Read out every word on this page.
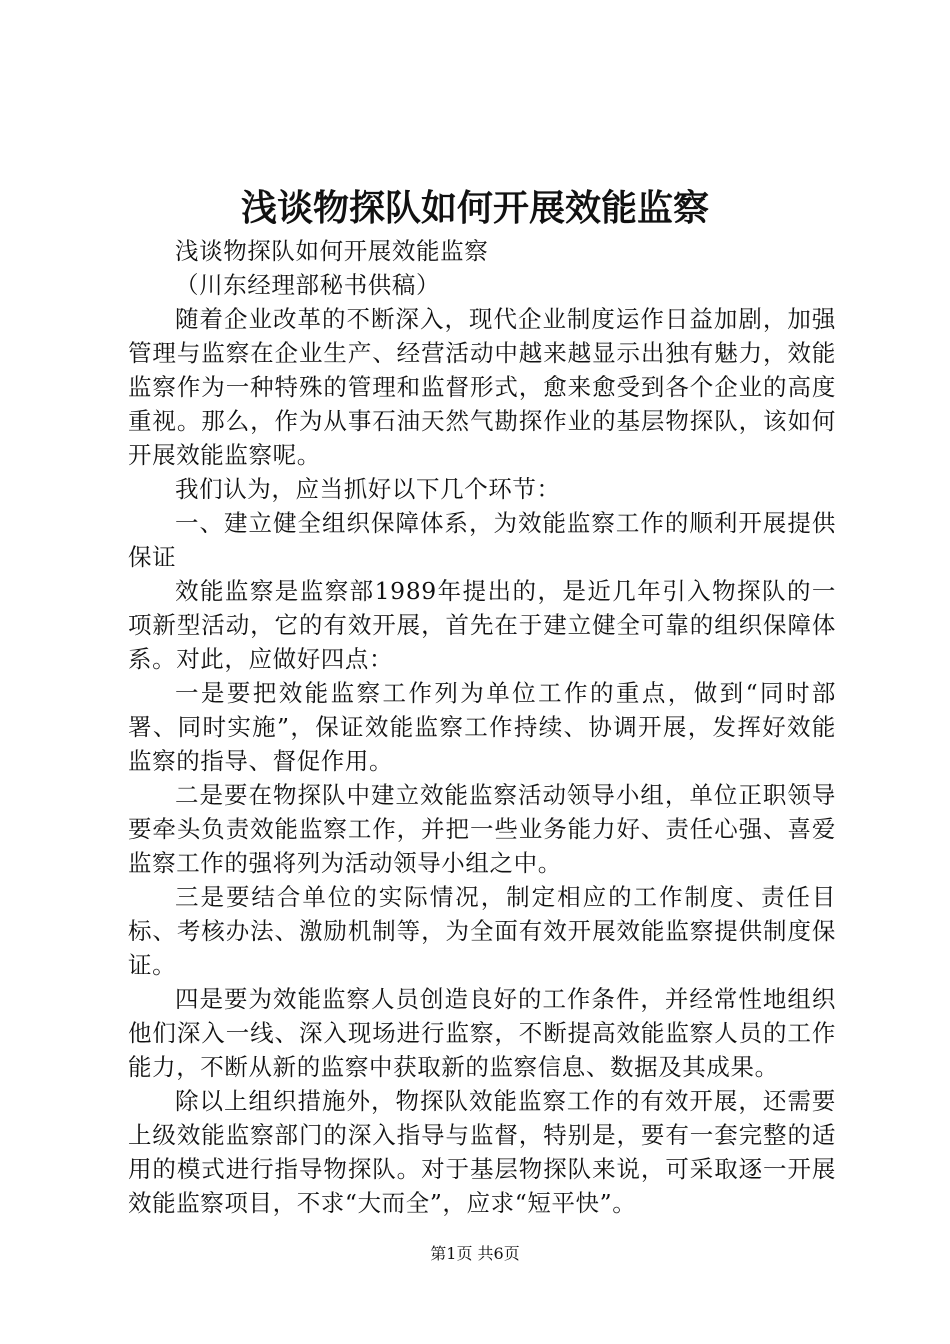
浅谈物探队如何开展效能监察

浅谈物探队如何开展效能监察

（川东经理部秘书供稿）

随着企业改革的不断深入，现代企业制度运作日益加剧，加强管理与监察在企业生产、经营活动中越来越显示出独有魅力，效能监察作为一种特殊的管理和监督形式，愈来愈受到各个企业的高度重视。那么，作为从事石油天然气勘探作业的基层物探队，该如何开展效能监察呢。

我们认为，应当抓好以下几个环节：

一、建立健全组织保障体系，为效能监察工作的顺利开展提供保证

效能监察是监察部1989年提出的，是近几年引入物探队的一项新型活动，它的有效开展，首先在于建立健全可靠的组织保障体系。对此，应做好四点：

一是要把效能监察工作列为单位工作的重点，做到“同时部署、同时实施”，保证效能监察工作持续、协调开展，发挥好效能监察的指导、督促作用。

二是要在物探队中建立效能监察活动领导小组，单位正职领导要牵头负责效能监察工作，并把一些业务能力好、责任心强、喜爱监察工作的强将列为活动领导小组之中。

三是要结合单位的实际情况，制定相应的工作制度、责任目标、考核办法、激励机制等，为全面有效开展效能监察提供制度保证。

四是要为效能监察人员创造良好的工作条件，并经常性地组织他们深入一线、深入现场进行监察，不断提高效能监察人员的工作能力，不断从新的监察中获取新的监察信息、数据及其成果。

除以上组织措施外，物探队效能监察工作的有效开展，还需要上级效能监察部门的深入指导与监督，特别是，要有一套完整的适用的模式进行指导物探队。对于基层物探队来说，可采取逐一开展效能监察项目，不求“大而全”，应求“短平快”。

第1页 共6页
